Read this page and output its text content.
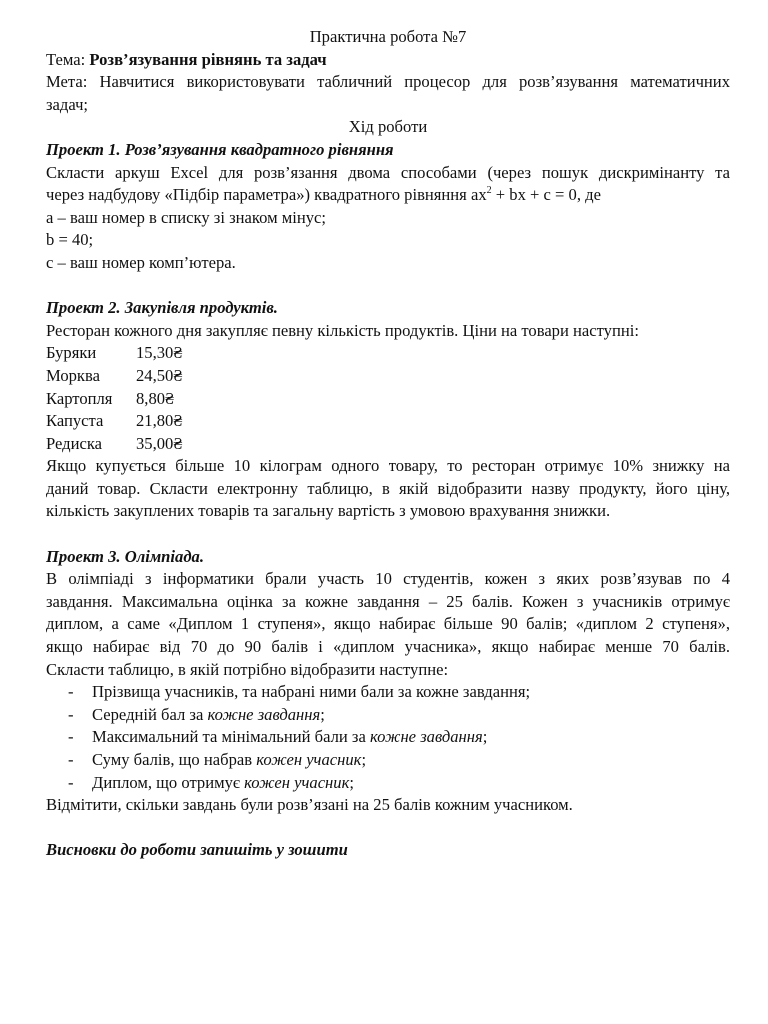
Практична робота №7
Тема: Розв’язування рівнянь та задач
Мета: Навчитися використовувати табличний процесор для розв’язування математичних
задач;
Хід роботи
Проект 1. Розв’язування квадратного рівняння
Скласти аркуш Excel для розв’язання двома способами (через пошук дискримінанту та
через надбудову «Підбір параметра») квадратного рівняння $ax^2$ + bx + c = 0, де
a – ваш номер в списку зі знаком мінус;
b = 40;
c – ваш номер комп’ютера.
Проект 2. Закупівля продуктів.
Ресторан кожного дня закупляє певну кількість продуктів. Ціни на товари наступні:
Буряки	15,30₴
Морква	24,50₴
Картопля	8,80₴
Капуста	21,80₴
Редиска	35,00₴
Якщо купується більше 10 кілограм одного товару, то ресторан отримує 10% знижку на
даний товар. Скласти електронну таблицю, в якій відобразити назву продукту, його ціну,
кількість закуплених товарів та загальну вартість з умовою врахування знижки.
Проект 3. Олімпіада.
В олімпіаді з інформатики брали участь 10 студентів, кожен з яких розв’язував по 4
завдання. Максимальна оцінка за кожне завдання – 25 балів. Кожен з учасників отримує
диплом, а саме «Диплом 1 ступеня», якщо набирає більше 90 балів; «диплом 2 ступеня»,
якщо набирає від 70 до 90 балів і «диплом учасника», якщо набирає менше 70 балів.
Скласти таблицю, в якій потрібно відобразити наступне:
-	Прізвища учасників, та набрані ними бали за кожне завдання;
-	Середній бал за кожне завдання;
-	Максимальний та мінімальний бали за кожне завдання;
-	Суму балів, що набрав кожен учасник;
-	Диплом, що отримує кожен учасник;
Відмітити, скільки завдань були розв’язані на 25 балів кожним учасником.
Висновки до роботи запишіть у зошити
